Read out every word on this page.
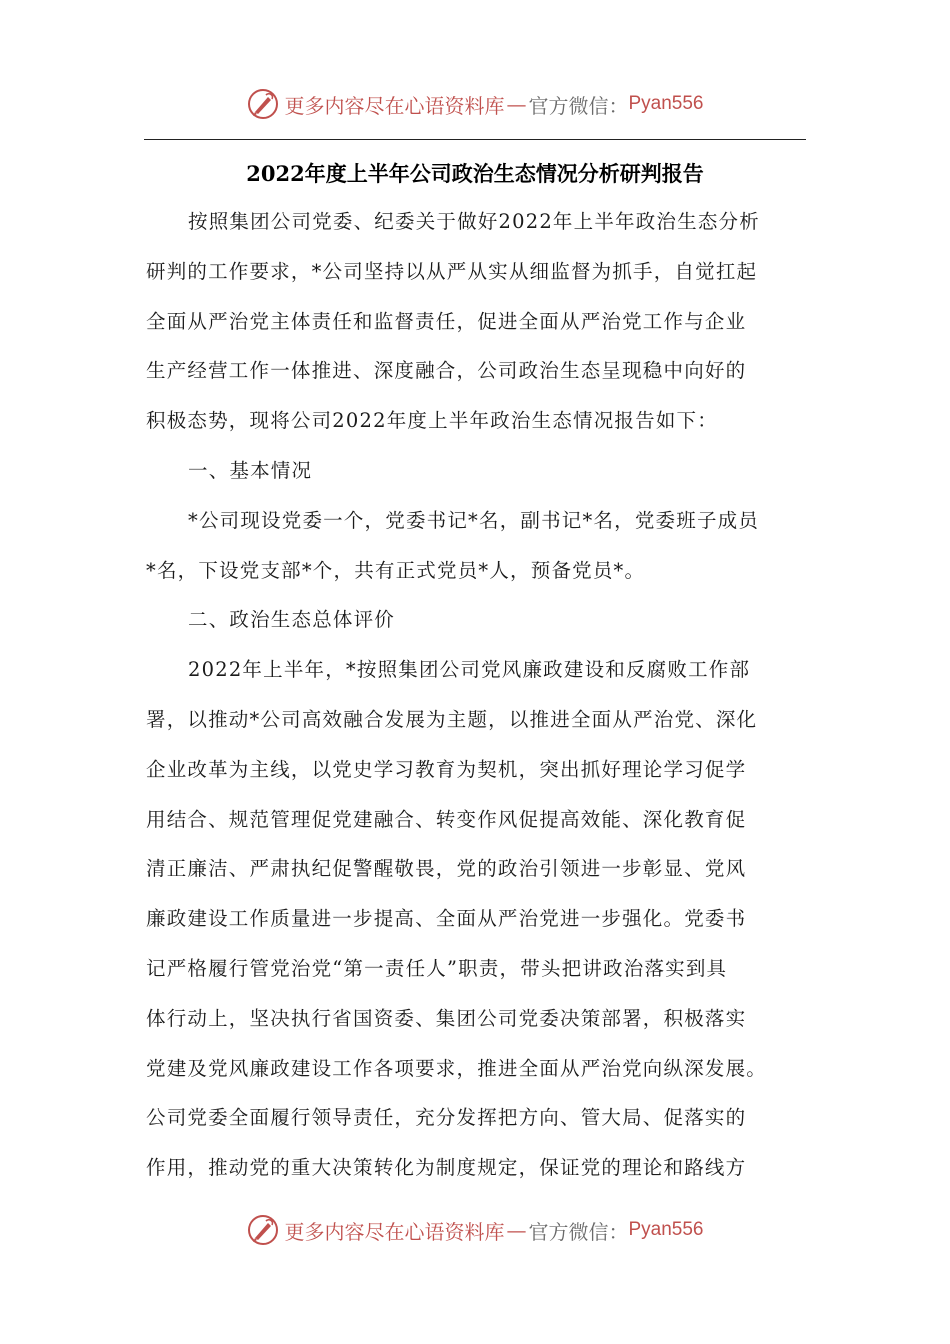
更多内容尽在心语资料库 — 官方微信： Pyan556
2022年度上半年公司政治生态情况分析研判报告
按照集团公司党委、纪委关于做好2022年上半年政治生态分析
研判的工作要求，*公司坚持以从严从实从细监督为抓手，自觉扛起
全面从严治党主体责任和监督责任，促进全面从严治党工作与企业
生产经营工作一体推进、深度融合，公司政治生态呈现稳中向好的
积极态势，现将公司2022年度上半年政治生态情况报告如下：
一、基本情况
*公司现设党委一个，党委书记*名，副书记*名，党委班子成员
*名，下设党支部*个，共有正式党员*人，预备党员*。
二、政治生态总体评价
2022年上半年，*按照集团公司党风廉政建设和反腐败工作部
署，以推动*公司高效融合发展为主题，以推进全面从严治党、深化
企业改革为主线，以党史学习教育为契机，突出抓好理论学习促学
用结合、规范管理促党建融合、转变作风促提高效能、深化教育促
清正廉洁、严肃执纪促警醒敬畏，党的政治引领进一步彰显、党风
廉政建设工作质量进一步提高、全面从严治党进一步强化。党委书
记严格履行管党治党“第一责任人”职责，带头把讲政治落实到具
体行动上，坚决执行省国资委、集团公司党委决策部署，积极落实
党建及党风廉政建设工作各项要求，推进全面从严治党向纵深发展。
公司党委全面履行领导责任，充分发挥把方向、管大局、促落实的
作用，推动党的重大决策转化为制度规定，保证党的理论和路线方
更多内容尽在心语资料库 — 官方微信： Pyan556
